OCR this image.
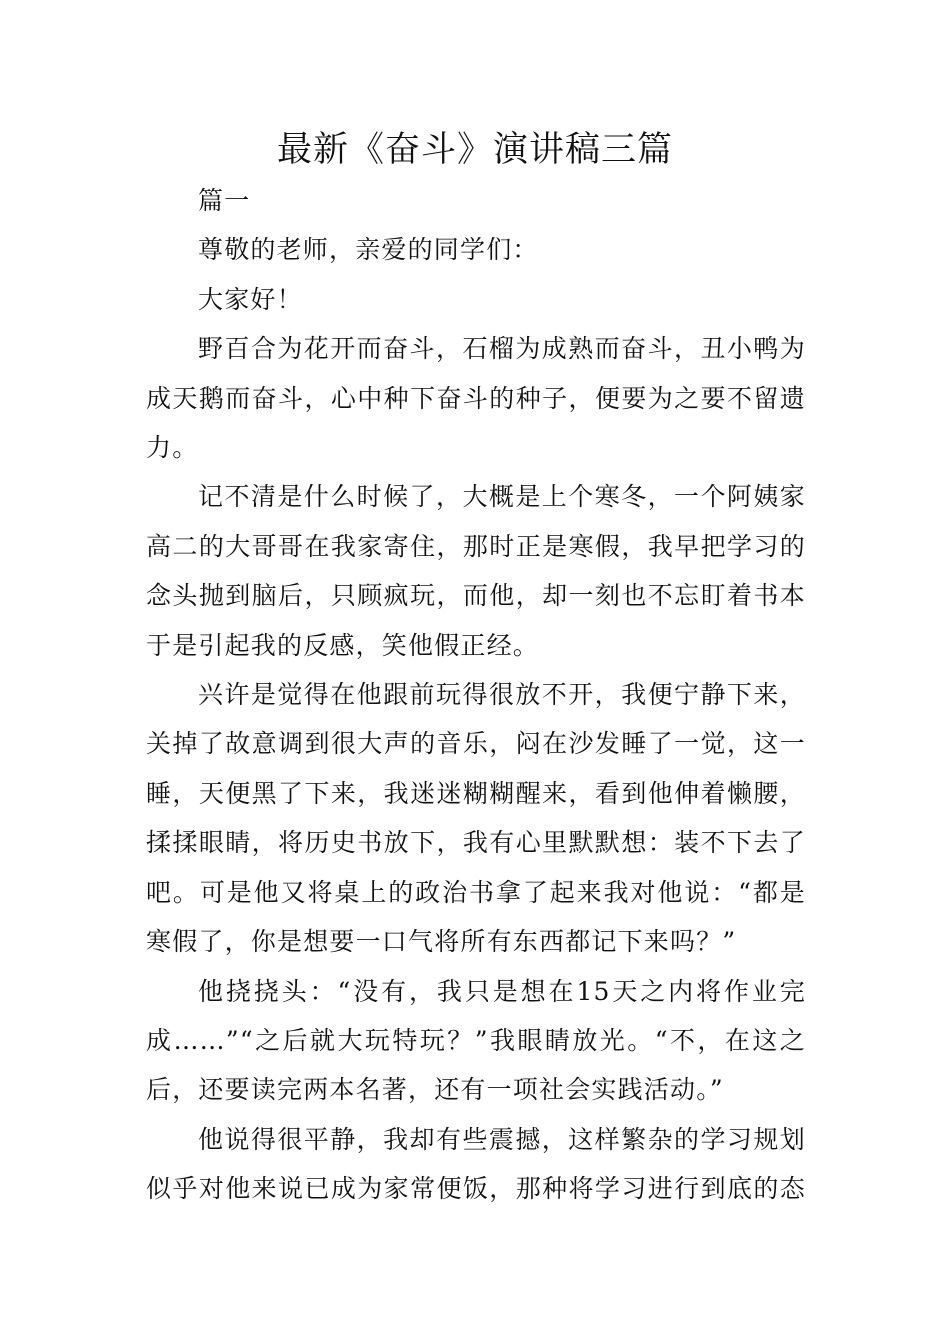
最新《奋斗》演讲稿三篇

篇一

尊敬的老师，亲爱的同学们：

大家好！

野百合为花开而奋斗，石榴为成熟而奋斗，丑小鸭为成天鹅而奋斗，心中种下奋斗的种子，便要为之要不留遗力。

记不清是什么时候了，大概是上个寒冬，一个阿姨家高二的大哥哥在我家寄住，那时正是寒假，我早把学习的念头抛到脑后，只顾疯玩，而他，却一刻也不忘盯着书本于是引起我的反感，笑他假正经。

兴许是觉得在他跟前玩得很放不开，我便宁静下来，关掉了故意调到很大声的音乐，闷在沙发睡了一觉，这一睡，天便黑了下来，我迷迷糊糊醒来，看到他伸着懒腰，揉揉眼睛，将历史书放下，我有心里默默想：装不下去了吧。可是他又将桌上的政治书拿了起来我对他说：“都是寒假了，你是想要一口气将所有东西都记下来吗？”

他挠挠头：“没有，我只是想在15天之内将作业完成……”“之后就大玩特玩？”我眼睛放光。“不，在这之后，还要读完两本名著，还有一项社会实践活动。”

他说得很平静，我却有些震撼，这样繁杂的学习规划似乎对他来说已成为家常便饭，那种将学习进行到底的态
